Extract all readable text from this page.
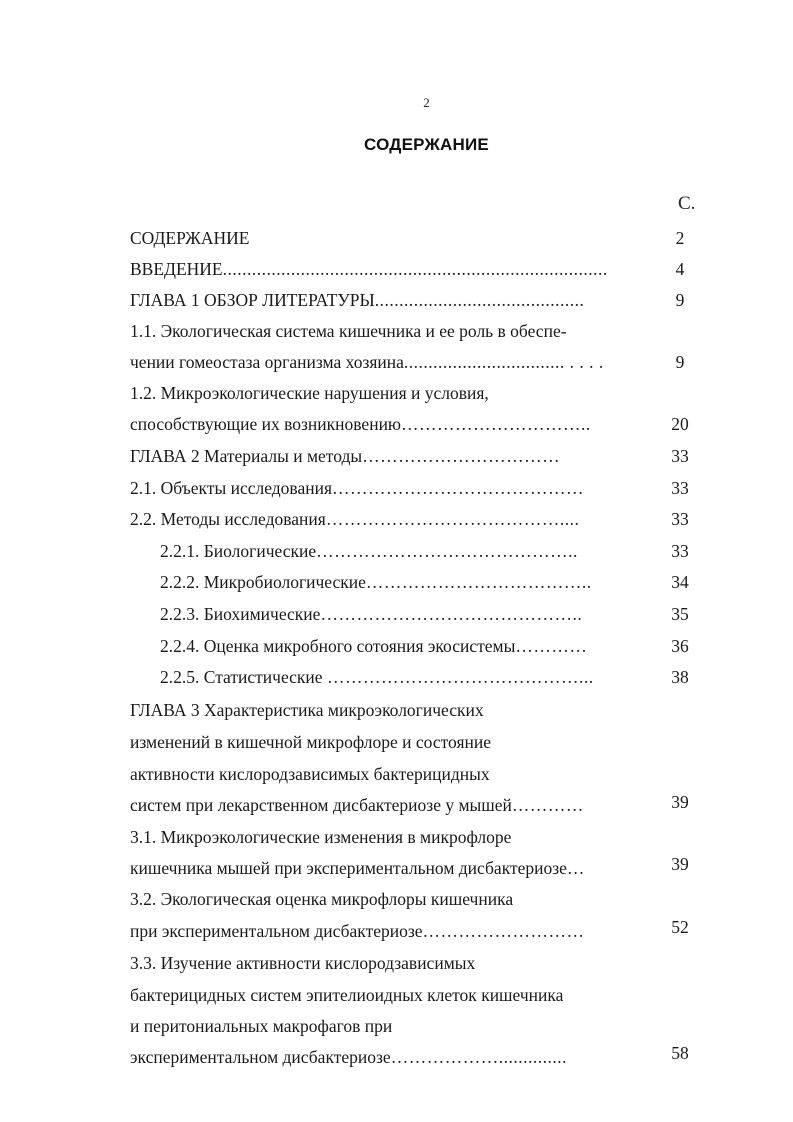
2
СОДЕРЖАНИЕ
С.
СОДЕРЖАНИЕ	2
ВВЕДЕНИЕ...............................................................................	4
ГЛАВА 1 ОБЗОР ЛИТЕРАТУРЫ...........................................	9
1.1. Экологическая система кишечника и ее роль в обеспе-
чении гомеостаза организма хозяина................................. . . . .	9
1.2. Микроэкологические нарушения и условия,
способствующие их возникновению…………………………..	20
ГЛАВА 2 Материалы и методы……………………………	33
2.1. Объекты исследования……………………………………	33
2.2. Методы исследования…………………………………....	33
2.2.1. Биологические……………………………………..	33
2.2.2. Микробиологические………………………………..	34
2.2.3. Биохимические……………………………………..	35
2.2.4. Оценка микробного сотояния экосистемы…………	36
2.2.5. Статистические ……………………………………...	38
ГЛАВА 3 Характеристика микроэкологических
изменений в кишечной микрофлоре и состояние
активности кислородзависимых бактерицидных
систем при лекарственном дисбактериозе у мышей…………	39
3.1. Микроэкологические изменения в микрофлоре
кишечника мышей при экспериментальном дисбактериозе…	39
3.2. Экологическая оценка микрофлоры кишечника
при экспериментальном дисбактериозе………………………	52
3.3. Изучение активности кислородзависимых
бактерицидных систем эпителиоидных клеток кишечника
и перитониальных макрофагов при
экспериментальном дисбактериозе………………..............	58
